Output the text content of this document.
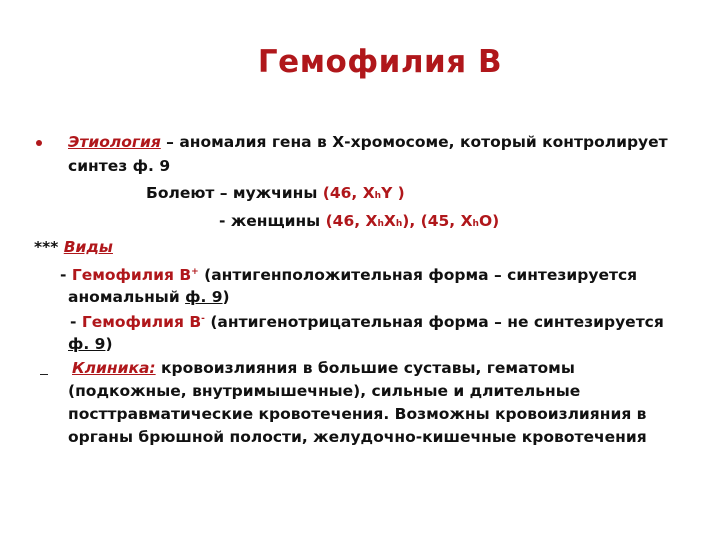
Гемофилия В
Этиология – аномалия гена в Х-хромосоме, который контролирует
синтез ф. 9
Болеют – мужчины (46, XhY )
- женщины (46, XhXh), (45, XhO)
*** Виды
- Гемофилия В+ (антигенположительная форма – синтезируется
аномальный ф. 9)
- Гемофилия В- (антигенотрицательная форма – не синтезируется
ф. 9)
Клиника: кровоизлияния в большие суставы, гематомы
(подкожные, внутримышечные), сильные и длительные
посттравматические кровотечения. Возможны кровоизлияния в
органы брюшной полости, желудочно-кишечные кровотечения
